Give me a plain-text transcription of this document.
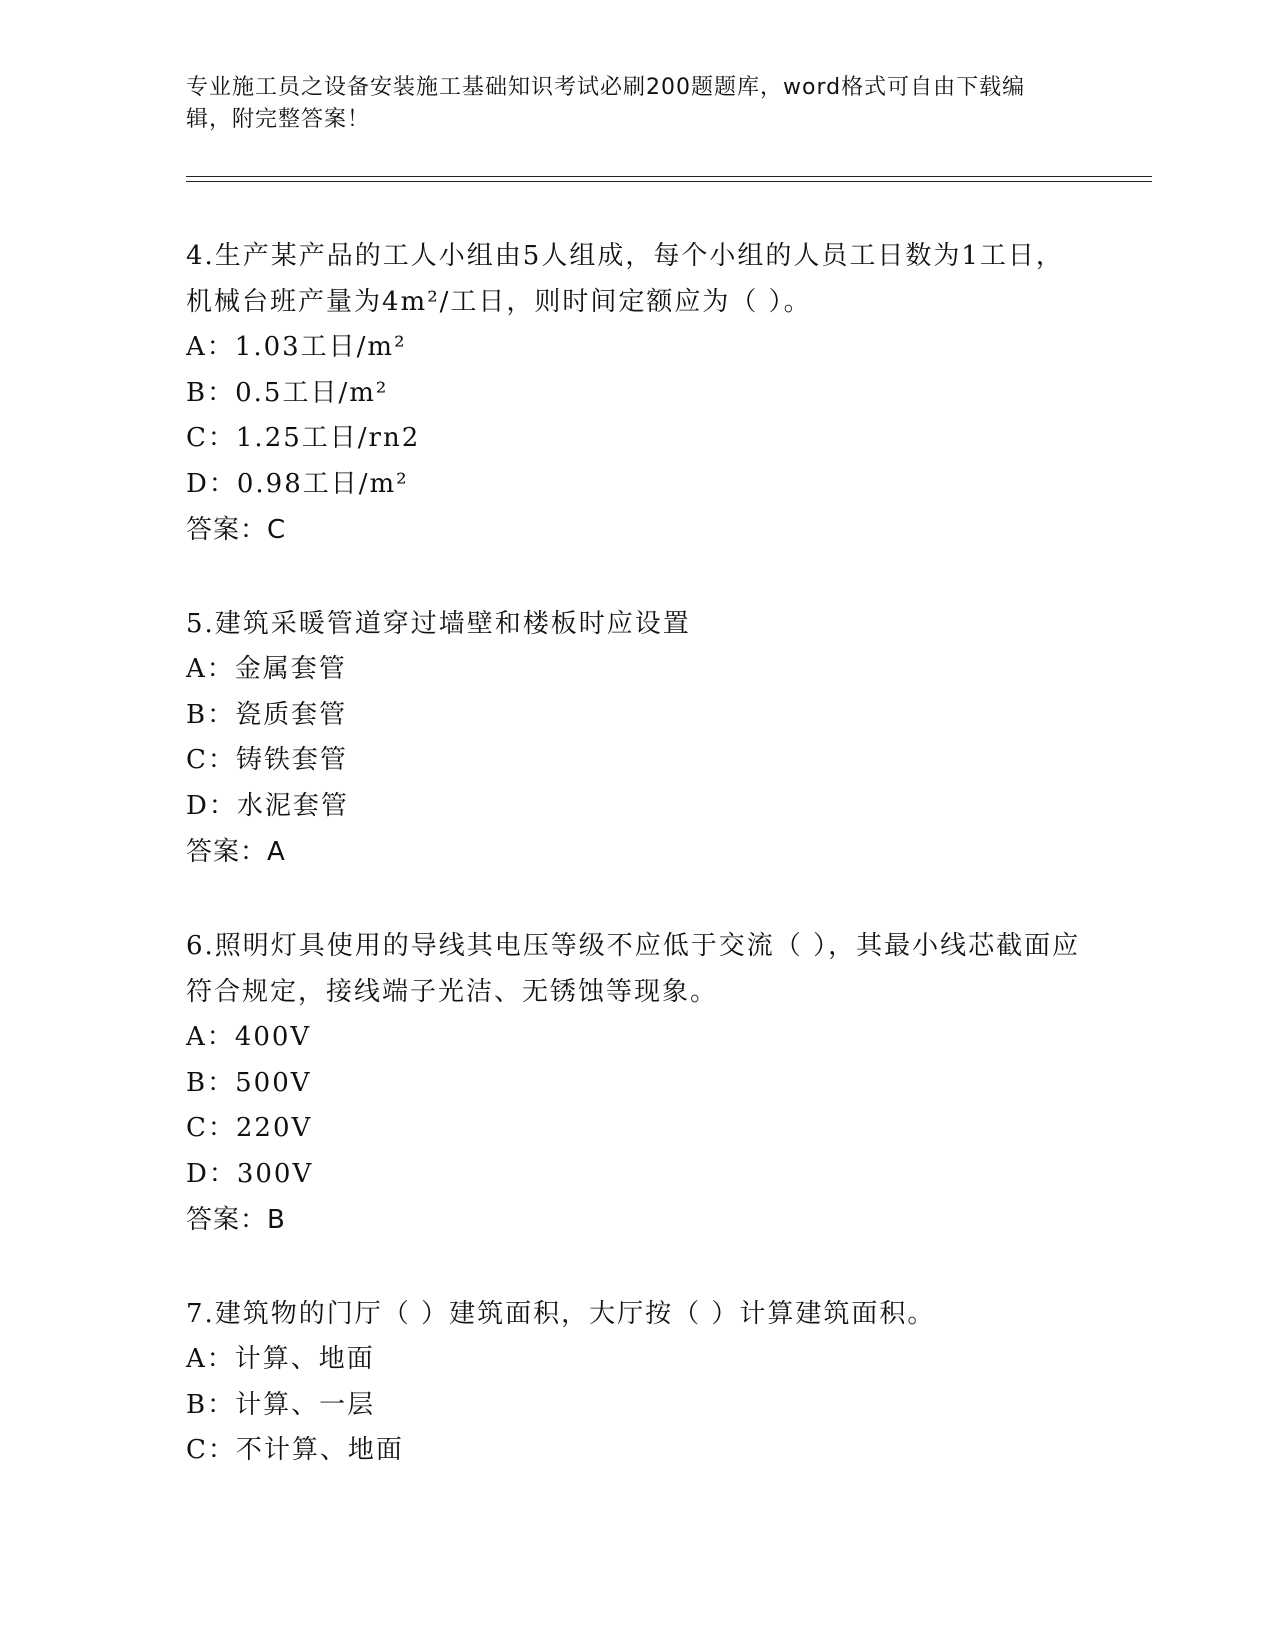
专业施工员之设备安装施工基础知识考试必刷200题题库，word格式可自由下载编辑，附完整答案！

4.生产某产品的工人小组由5人组成，每个小组的人员工日数为1工日，机械台班产量为4m²/工日，则时间定额应为（ ）。

A：1.03工日/m²

B：0.5工日/m²

C：1.25工日/rn2

D：0.98工日/m²

答案：C

5.建筑采暖管道穿过墙壁和楼板时应设置

A：金属套管

B：瓷质套管

C：铸铁套管

D：水泥套管

答案：A

6.照明灯具使用的导线其电压等级不应低于交流（ ），其最小线芯截面应符合规定，接线端子光洁、无锈蚀等现象。

A：400V

B：500V

C：220V

D：300V

答案：B

7.建筑物的门厅（ ）建筑面积，大厅按（ ）计算建筑面积。

A：计算、地面

B：计算、一层

C：不计算、地面
